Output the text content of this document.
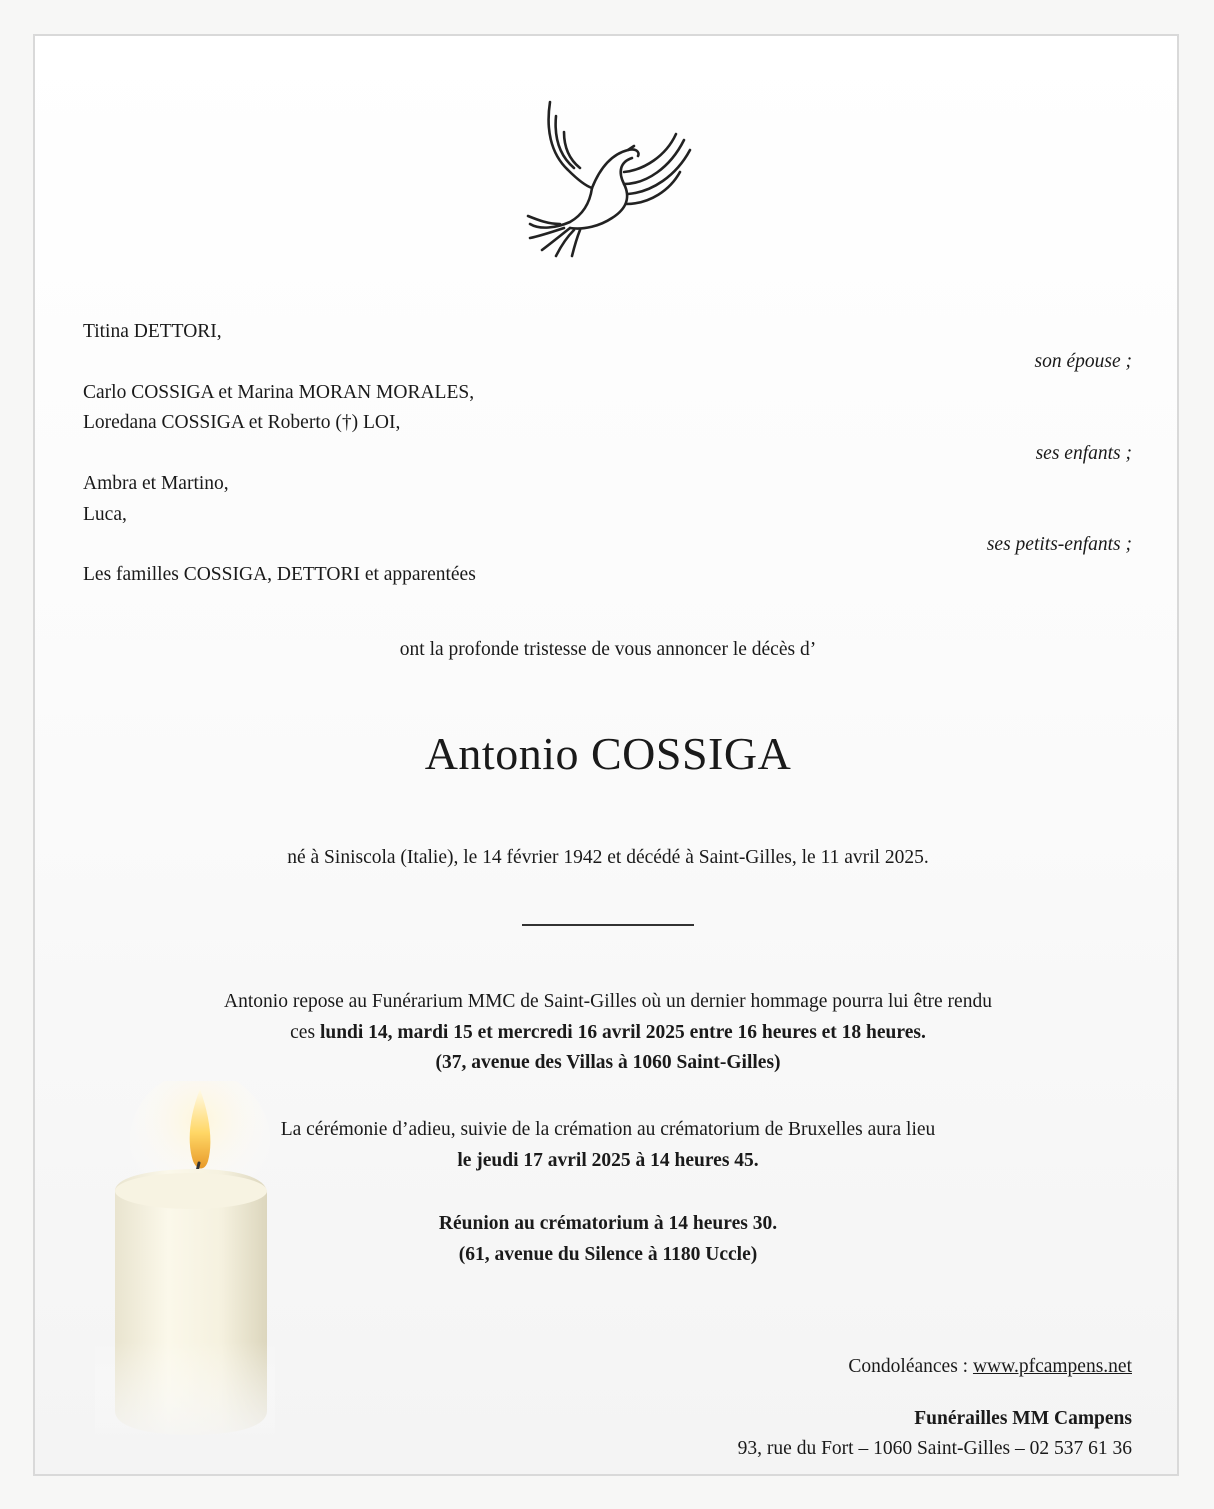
Titina DETTORI,
son épouse ;
Carlo COSSIGA et Marina MORAN MORALES,
Loredana COSSIGA et Roberto (†) LOI,
ses enfants ;
Ambra et Martino,
Luca,
ses petits-enfants ;
Les familles COSSIGA, DETTORI et apparentées
ont la profonde tristesse de vous annoncer le décès d’
Antonio COSSIGA
né à Siniscola (Italie), le 14 février 1942 et décédé à Saint-Gilles, le 11 avril 2025.
Antonio repose au Funérarium MMC de Saint-Gilles où un dernier hommage pourra lui être rendu
ces lundi 14, mardi 15 et mercredi 16 avril 2025 entre 16 heures et 18 heures.
(37, avenue des Villas à 1060 Saint-Gilles)
La cérémonie d’adieu, suivie de la crémation au crématorium de Bruxelles aura lieu
le jeudi 17 avril 2025 à 14 heures 45.
Réunion au crématorium à 14 heures 30.
(61, avenue du Silence à 1180 Uccle)
Condoléances : www.pfcampens.net
Funérailles MM Campens
93, rue du Fort – 1060 Saint-Gilles – 02 537 61 36
